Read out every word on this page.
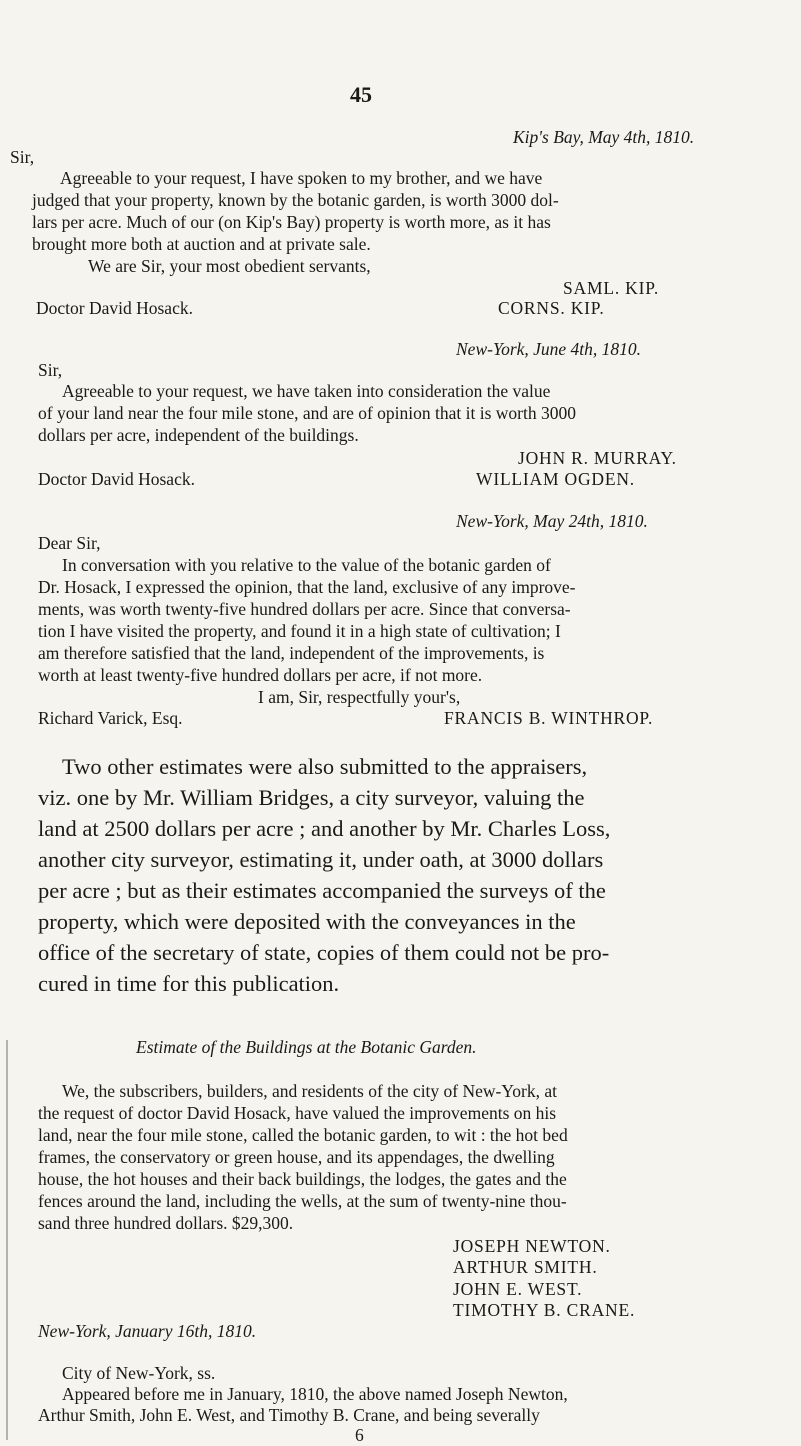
45
Kip's Bay, May 4th, 1810.
Sir,
Agreeable to your request, I have spoken to my brother, and we have
judged that your property, known by the botanic garden, is worth 3000 dol-
lars per acre. Much of our (on Kip's Bay) property is worth more, as it has
brought more both at auction and at private sale.
We are Sir, your most obedient servants,
SAML. KIP.
Doctor David Hosack.	CORNS. KIP.
New-York, June 4th, 1810.
Sir,
Agreeable to your request, we have taken into consideration the value
of your land near the four mile stone, and are of opinion that it is worth 3000
dollars per acre, independent of the buildings.
JOHN R. MURRAY.
Doctor David Hosack.	WILLIAM OGDEN.
New-York, May 24th, 1810.
Dear Sir,
In conversation with you relative to the value of the botanic garden of
Dr. Hosack, I expressed the opinion, that the land, exclusive of any improve-
ments, was worth twenty-five hundred dollars per acre. Since that conversa-
tion I have visited the property, and found it in a high state of cultivation; I
am therefore satisfied that the land, independent of the improvements, is
worth at least twenty-five hundred dollars per acre, if not more.
I am, Sir, respectfully your's,
Richard Varick, Esq.	FRANCIS B. WINTHROP.
Two other estimates were also submitted to the appraisers,
viz. one by Mr. William Bridges, a city surveyor, valuing the
land at 2500 dollars per acre ; and another by Mr. Charles Loss,
another city surveyor, estimating it, under oath, at 3000 dollars
per acre ; but as their estimates accompanied the surveys of the
property, which were deposited with the conveyances in the
office of the secretary of state, copies of them could not be pro-
cured in time for this publication.
Estimate of the Buildings at the Botanic Garden.
We, the subscribers, builders, and residents of the city of New-York, at
the request of doctor David Hosack, have valued the improvements on his
land, near the four mile stone, called the botanic garden, to wit : the hot bed
frames, the conservatory or green house, and its appendages, the dwelling
house, the hot houses and their back buildings, the lodges, the gates and the
fences around the land, including the wells, at the sum of twenty-nine thou-
sand three hundred dollars. $29,300.
JOSEPH NEWTON.
ARTHUR SMITH.
JOHN E. WEST.
TIMOTHY B. CRANE.
New-York, January 16th, 1810.
City of New-York, ss.
Appeared before me in January, 1810, the above named Joseph Newton,
Arthur Smith, John E. West, and Timothy B. Crane, and being severally
6
